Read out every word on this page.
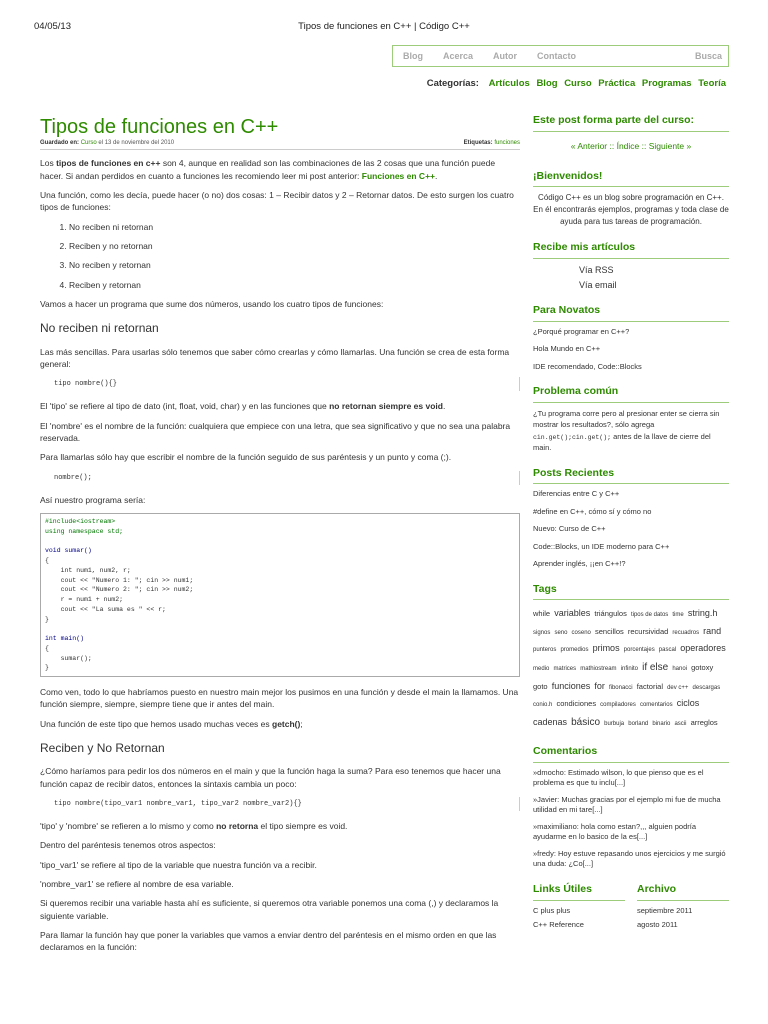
04/05/13	Tipos de funciones en C++ | Código C++
Blog	Acerca	Autor	Contacto	Busca
Categorías: Artículos Blog Curso Práctica Programas Teoría
Tipos de funciones en C++
Guardado en: Curso el 13 de noviembre del 2010	Etiquetas: funciones

Los tipos de funciones en c++ son 4, aunque en realidad son las combinaciones de las 2 cosas que una función puede hacer. Si andan perdidos en cuanto a funciones les recomiendo leer mi post anterior: Funciones en C++.

Una función, como les decía, puede hacer (o no) dos cosas: 1 – Recibir datos y 2 – Retornar datos. De esto surgen los cuatro tipos de funciones:

1. No reciben ni retornan
2. Reciben y no retornan
3. No reciben y retornan
4. Reciben y retornan

Vamos a hacer un programa que sume dos números, usando los cuatro tipos de funciones:

No reciben ni retornan

Las más sencillas. Para usarlas sólo tenemos que saber cómo crearlas y cómo llamarlas. Una función se crea de esta forma general:

tipo nombre(){}

El 'tipo' se refiere al tipo de dato (int, float, void, char) y en las funciones que no retornan siempre es void.

El 'nombre' es el nombre de la función: cualquiera que empiece con una letra, que sea significativo y que no sea una palabra reservada.

Para llamarlas sólo hay que escribir el nombre de la función seguido de sus paréntesis y un punto y coma (;).

nombre();

Así nuestro programa sería:

#include<iostream>
using namespace std;

void sumar()
{
int num1, num2, r;
cout << "Numero 1: "; cin >> num1;
cout << "Numero 2: "; cin >> num2;
r = num1 + num2;
cout << "La suma es " << r;
}

int main()
{
sumar();
}

Como ven, todo lo que habríamos puesto en nuestro main mejor los pusimos en una función y desde el main la llamamos. Una función siempre, siempre, siempre tiene que ir antes del main.

Una función de este tipo que hemos usado muchas veces es getch();

Reciben y No Retornan

¿Cómo haríamos para pedir los dos números en el main y que la función haga la suma? Para eso tenemos que hacer una función capaz de recibir datos, entonces la sintaxis cambia un poco:

tipo nombre(tipo_var1 nombre_var1, tipo_var2 nombre_var2){}

'tipo' y 'nombre' se refieren a lo mismo y como no retorna el tipo siempre es void.

Dentro del paréntesis tenemos otros aspectos:

'tipo_var1' se refiere al tipo de la variable que nuestra función va a recibir.

'nombre_var1' se refiere al nombre de esa variable.

Si queremos recibir una variable hasta ahí es suficiente, si queremos otra variable ponemos una coma (,) y declaramos la siguiente variable.

Para llamar la función hay que poner la variables que vamos a enviar dentro del paréntesis en el mismo orden en que las declaramos en la función:

Este post forma parte del curso:
« Anterior :: Índice :: Siguiente »
¡Bienvenidos!
Código C++ es un blog sobre programación en C++. En él encontrarás ejemplos, programas y toda clase de ayuda para tus tareas de programación.
Recibe mis artículos
Vía RSS
Vía email
Para Novatos
¿Porqué programar en C++?
Hola Mundo en C++
IDE recomendado, Code::Blocks
Problema común
¿Tu programa corre pero al presionar enter se cierra sin mostrar los resultados?, sólo agrega cin.get();cin.get(); antes de la llave de cierre del main.
Posts Recientes
Diferencias entre C y C++
#define en C++, cómo sí y cómo no
Nuevo: Curso de C++
Code::Blocks, un IDE moderno para C++
Aprender inglés, ¡¡en C++!?
Tags
while variables triángulos tipos de datos time string.h signos seno coseno sencillos recursividad recuadros rand punteros promedios primos porcentajes pascal operadores medio matrices mathiostream infinito if else hanoi gotoxy goto funciones for fibonacci factorial dev c++ descargas conio.h condiciones compiladores comentarios ciclos cadenas básico burbuja borland binario ascii arreglos
Comentarios
»dmocho: Estimado wilson, lo que pienso que es el problema es que tu inclu[...]
»Javier: Muchas gracias por el ejemplo mi fue de mucha utilidad en mi tare[...]
»maximiliano: hola como estan?,,, alguien podría ayudarme en lo basico de la es[...]
»fredy: Hoy estuve repasando unos ejercicios y me surgió una duda: ¿Co[...]
Links Útiles
C plus plus
C++ Reference
Archivo
septiembre 2011
agosto 2011
